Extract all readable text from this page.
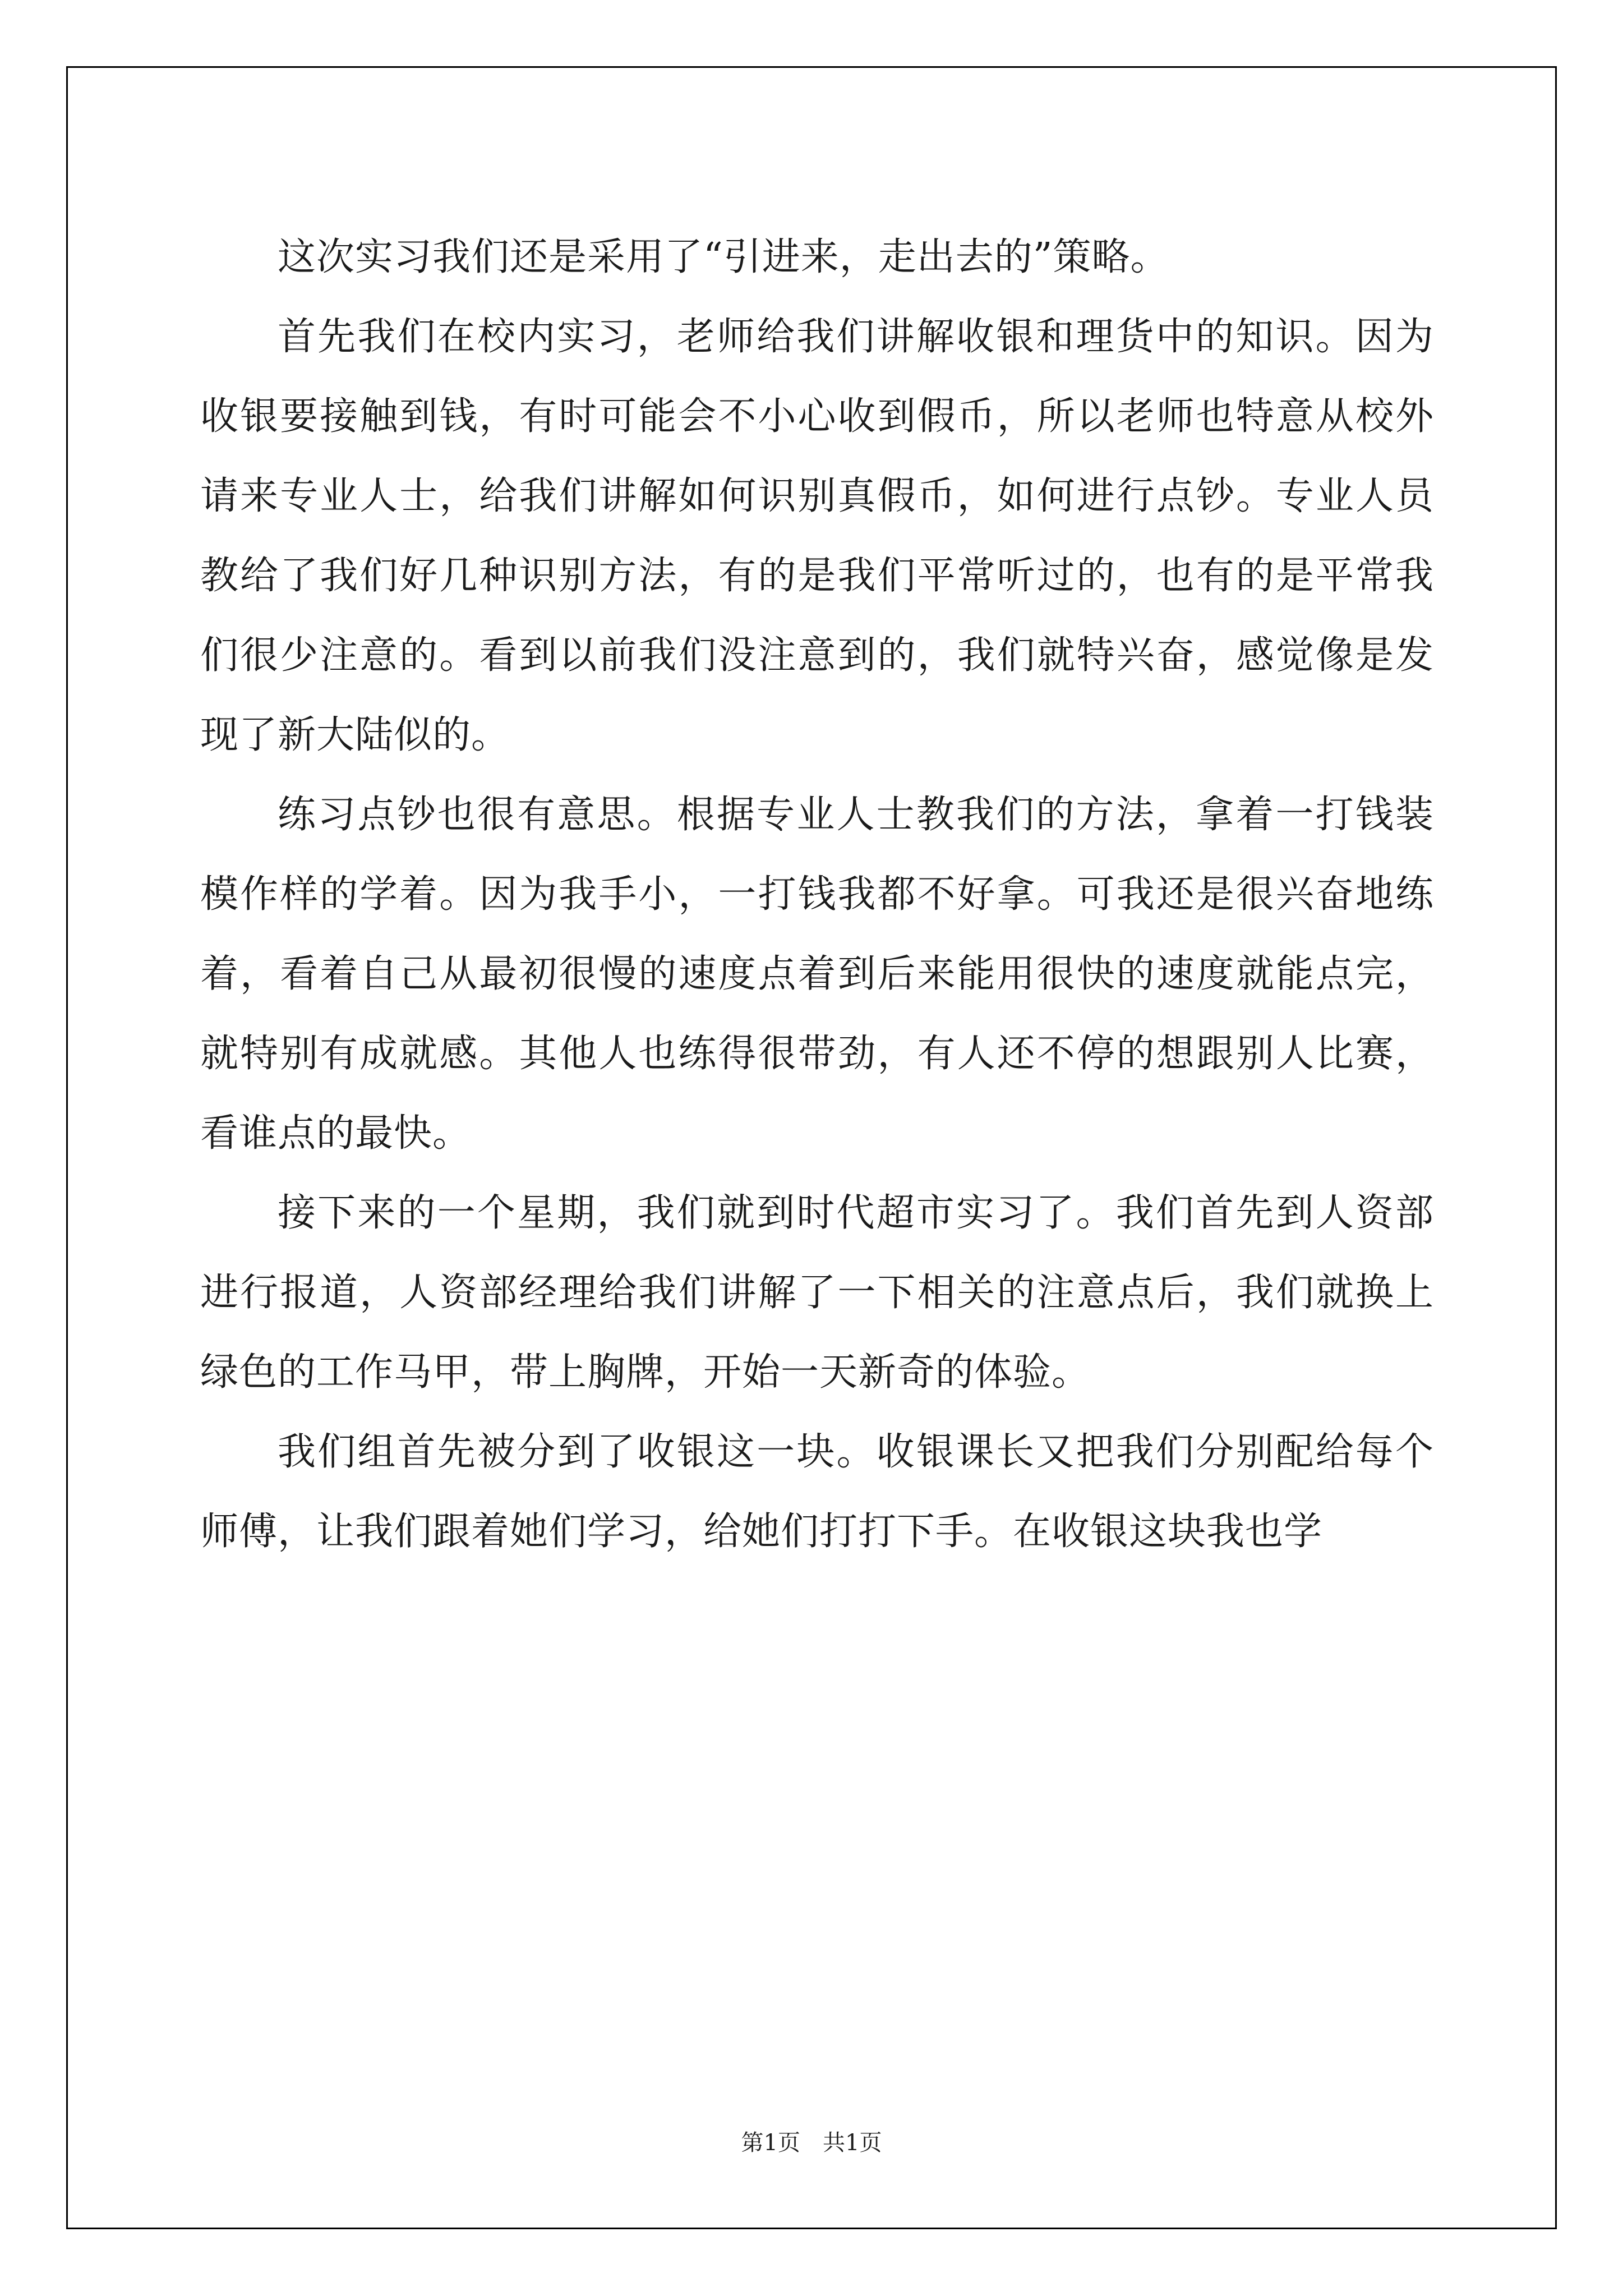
这次实习我们还是采用了“引进来，走出去的”策略。

首先我们在校内实习，老师给我们讲解收银和理货中的知识。因为收银要接触到钱，有时可能会不小心收到假币，所以老师也特意从校外请来专业人士，给我们讲解如何识别真假币，如何进行点钞。专业人员教给了我们好几种识别方法，有的是我们平常听过的，也有的是平常我们很少注意的。看到以前我们没注意到的，我们就特兴奋，感觉像是发现了新大陆似的。

练习点钞也很有意思。根据专业人士教我们的方法，拿着一打钱装模作样的学着。因为我手小，一打钱我都不好拿。可我还是很兴奋地练着，看着自己从最初很慢的速度点着到后来能用很快的速度就能点完，就特别有成就感。其他人也练得很带劲，有人还不停的想跟别人比赛，看谁点的最快。

接下来的一个星期，我们就到时代超市实习了。我们首先到人资部进行报道，人资部经理给我们讲解了一下相关的注意点后，我们就换上绿色的工作马甲，带上胸牌，开始一天新奇的体验。

我们组首先被分到了收银这一块。收银课长又把我们分别配给每个师傅，让我们跟着她们学习，给她们打打下手。在收银这块我也学

第1页　共1页
